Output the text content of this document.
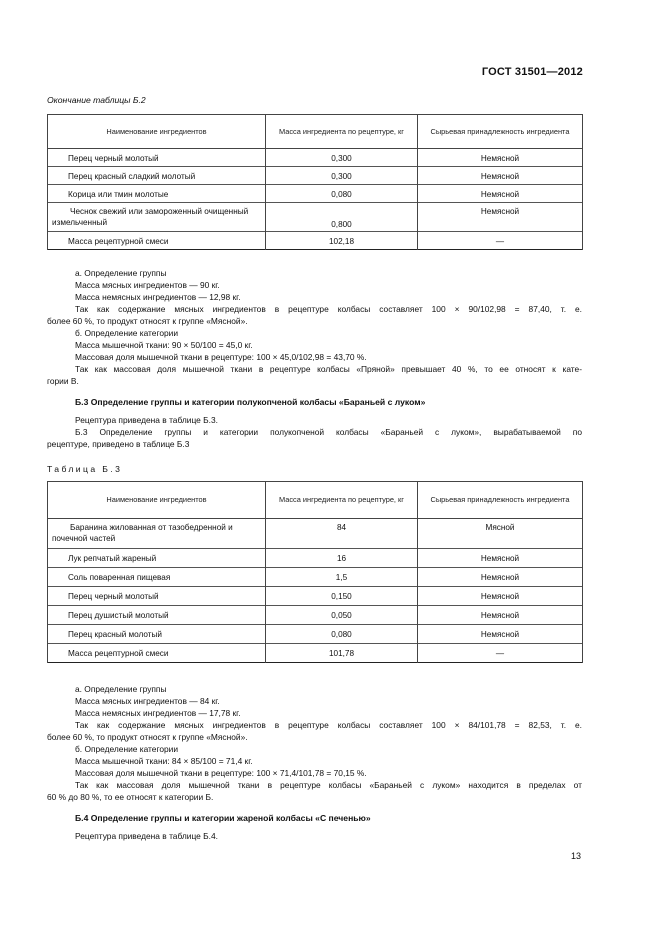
ГОСТ 31501—2012
Окончание таблицы Б.2
Наименование ингредиентов	Масса ингредиента по рецептуре, кг	Сырьевая принадлежность ингредиента
Перец черный молотый	0,300	Немясной
Перец красный сладкий молотый	0,300	Немясной
Корица или тмин молотые	0,080	Немясной
Чеснок свежий или замороженный очищенный измельченный	0,800	Немясной
Масса рецептурной смеси	102,18	—
а. Определение группы
Масса мясных ингредиентов — 90 кг.
Масса немясных ингредиентов — 12,98 кг.
Так как содержание мясных ингредиентов в рецептуре колбасы составляет 100 × 90/102,98 = 87,40, т. е.
более 60 %, то продукт относят к группе «Мясной».
б. Определение категории
Масса мышечной ткани: 90 × 50/100 = 45,0 кг.
Массовая доля мышечной ткани в рецептуре: 100 × 45,0/102,98 = 43,70 %.
Так как массовая доля мышечной ткани в рецептуре колбасы «Пряной» превышает 40 %, то ее относят к кате-
гории В.
Б.3 Определение группы и категории полукопченой колбасы «Бараньей с луком»
Рецептура приведена в таблице Б.3.
Б.3 Определение группы и категории полукопченой колбасы «Бараньей с луком», вырабатываемой по
рецептуре, приведено в таблице Б.3
Таблица Б.3
Наименование ингредиентов	Масса ингредиента по рецептуре, кг	Сырьевая принадлежность ингредиента
Баранина жилованная от тазобедренной и почечной частей	84	Мясной
Лук репчатый жареный	16	Немясной
Соль поваренная пищевая	1,5	Немясной
Перец черный молотый	0,150	Немясной
Перец душистый молотый	0,050	Немясной
Перец красный молотый	0,080	Немясной
Масса рецептурной смеси	101,78	—
а. Определение группы
Масса мясных ингредиентов — 84 кг.
Масса немясных ингредиентов — 17,78 кг.
Так как содержание мясных ингредиентов в рецептуре колбасы составляет 100 × 84/101,78 = 82,53, т. е.
более 60 %, то продукт относят к группе «Мясной».
б. Определение категории
Масса мышечной ткани: 84 × 85/100 = 71,4 кг.
Массовая доля мышечной ткани в рецептуре: 100 × 71,4/101,78 = 70,15 %.
Так как массовая доля мышечной ткани в рецептуре колбасы «Бараньей с луком» находится в пределах от
60 % до 80 %, то ее относят к категории Б.
Б.4 Определение группы и категории жареной колбасы «С печенью»
Рецептура приведена в таблице Б.4.
13
